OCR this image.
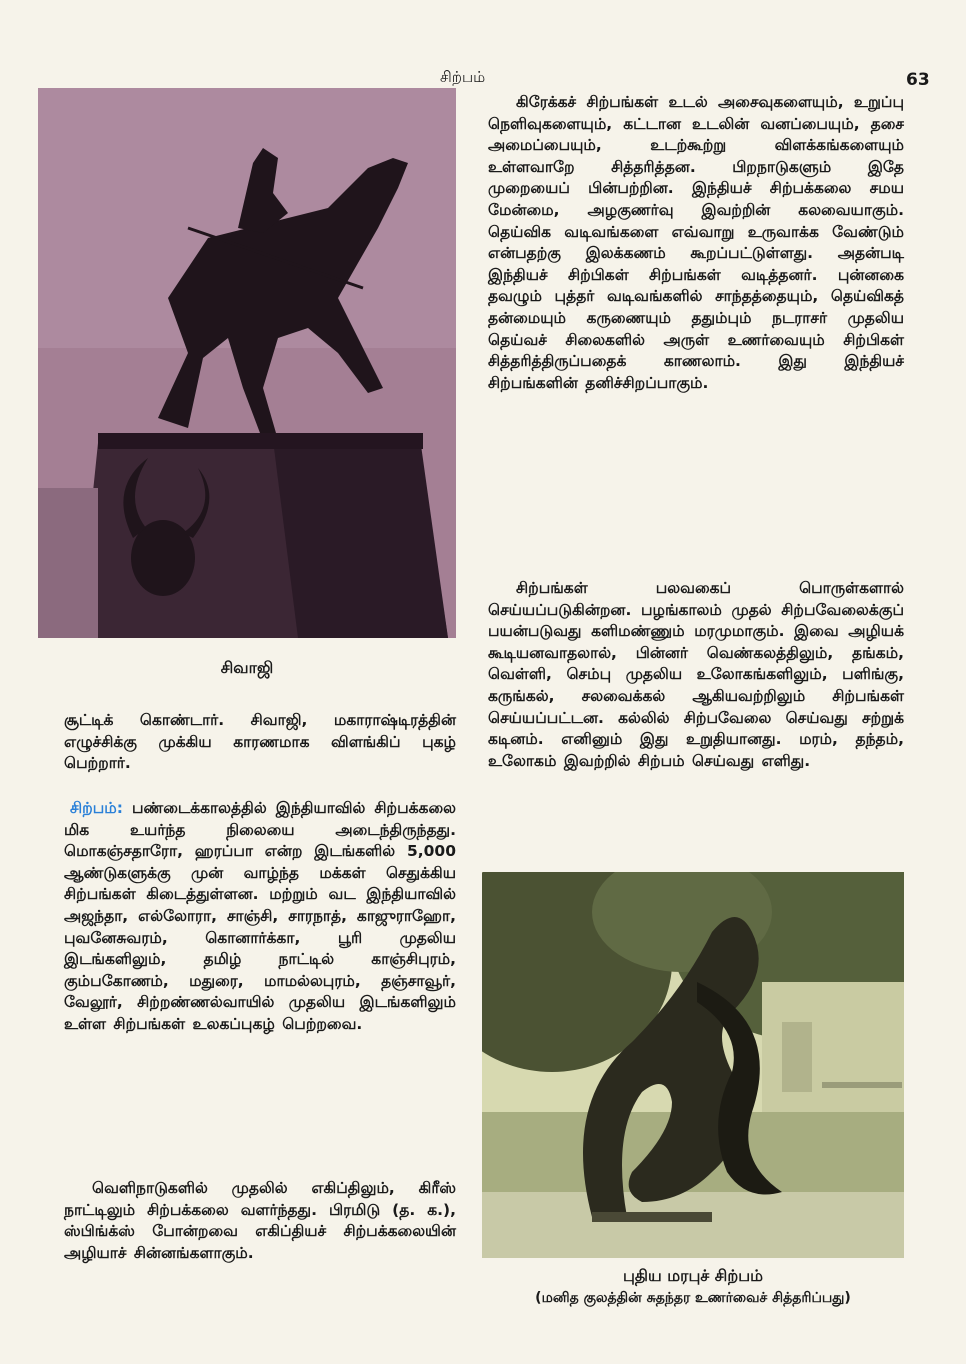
சிற்பம்	63
சிவாஜி

கிரேக்கச் சிற்பங்கள் உடல் அசைவுகளையும், உறுப்பு நெளிவுகளையும், கட்டான உடலின் வனப்பையும், தசை அமைப்பையும், உடற்கூற்று விளக்கங்களையும் உள்ளவாறே சித்தரித்தன. பிறநாடுகளும் இதே முறையைப் பின்பற்றின. இந்தியச் சிற்பக்கலை சமய மேன்மை, அழகுணர்வு இவற்றின் கலவையாகும். தெய்விக வடிவங்களை எவ்வாறு உருவாக்க வேண்டும் என்பதற்கு இலக்கணம் கூறப்பட்டுள்ளது. அதன்படி இந்தியச் சிற்பிகள் சிற்பங்கள் வடித்தனர். புன்னகை தவழும் புத்தர் வடிவங்களில் சாந்தத்தையும், தெய்விகத் தன்மையும் கருணையும் ததும்பும் நடராசர் முதலிய தெய்வச் சிலைகளில் அருள் உணர்வையும் சிற்பிகள் சித்தரித்திருப்பதைக் காணலாம். இது இந்தியச் சிற்பங்களின் தனிச்சிறப்பாகும்.

சிற்பங்கள் பலவகைப் பொருள்களால் செய்யப்படுகின்றன. பழங்காலம் முதல் சிற்பவேலைக்குப் பயன்படுவது களிமண்ணும் மரமுமாகும். இவை அழியக் கூடியனவாதலால், பின்னர் வெண்கலத்திலும், தங்கம், வெள்ளி, செம்பு முதலிய உலோகங்களிலும், பளிங்கு, கருங்கல், சலவைக்கல் ஆகியவற்றிலும் சிற்பங்கள் செய்யப்பட்டன. கல்லில் சிற்பவேலை செய்வது சற்றுக் கடினம். எனினும் இது உறுதியானது. மரம், தந்தம், உலோகம் இவற்றில் சிற்பம் செய்வது எளிது.

சூட்டிக் கொண்டார். சிவாஜி, மகாராஷ்டிரத்தின் எழுச்சிக்கு முக்கிய காரணமாக விளங்கிப் புகழ் பெற்றார்.

சிற்பம்: பண்டைக்காலத்தில் இந்தியாவில் சிற்பக்கலை மிக உயர்ந்த நிலையை அடைந்திருந்தது. மொகஞ்சதாரோ, ஹரப்பா என்ற இடங்களில் 5,000 ஆண்டுகளுக்கு முன் வாழ்ந்த மக்கள் செதுக்கிய சிற்பங்கள் கிடைத்துள்ளன. மற்றும் வட இந்தியாவில் அஜந்தா, எல்லோரா, சாஞ்சி, சாரநாத், காஜுராஹோ, புவனேசுவரம், கொனார்க்கா, பூரி முதலிய இடங்களிலும், தமிழ் நாட்டில் காஞ்சிபுரம், கும்பகோணம், மதுரை, மாமல்லபுரம், தஞ்சாவூர், வேலூர், சிற்றண்ணல்வாயில் முதலிய இடங்களிலும் உள்ள சிற்பங்கள் உலகப்புகழ் பெற்றவை.

வெளிநாடுகளில் முதலில் எகிப்திலும், கிரீஸ் நாட்டிலும் சிற்பக்கலை வளர்ந்தது. பிரமிடு (த. க.), ஸ்பிங்க்ஸ் போன்றவை எகிப்தியச் சிற்பக்கலையின் அழியாச் சின்னங்களாகும்.

புதிய மரபுச் சிற்பம்
(மனித குலத்தின் சுதந்தர உணர்வைச் சித்தரிப்பது)
